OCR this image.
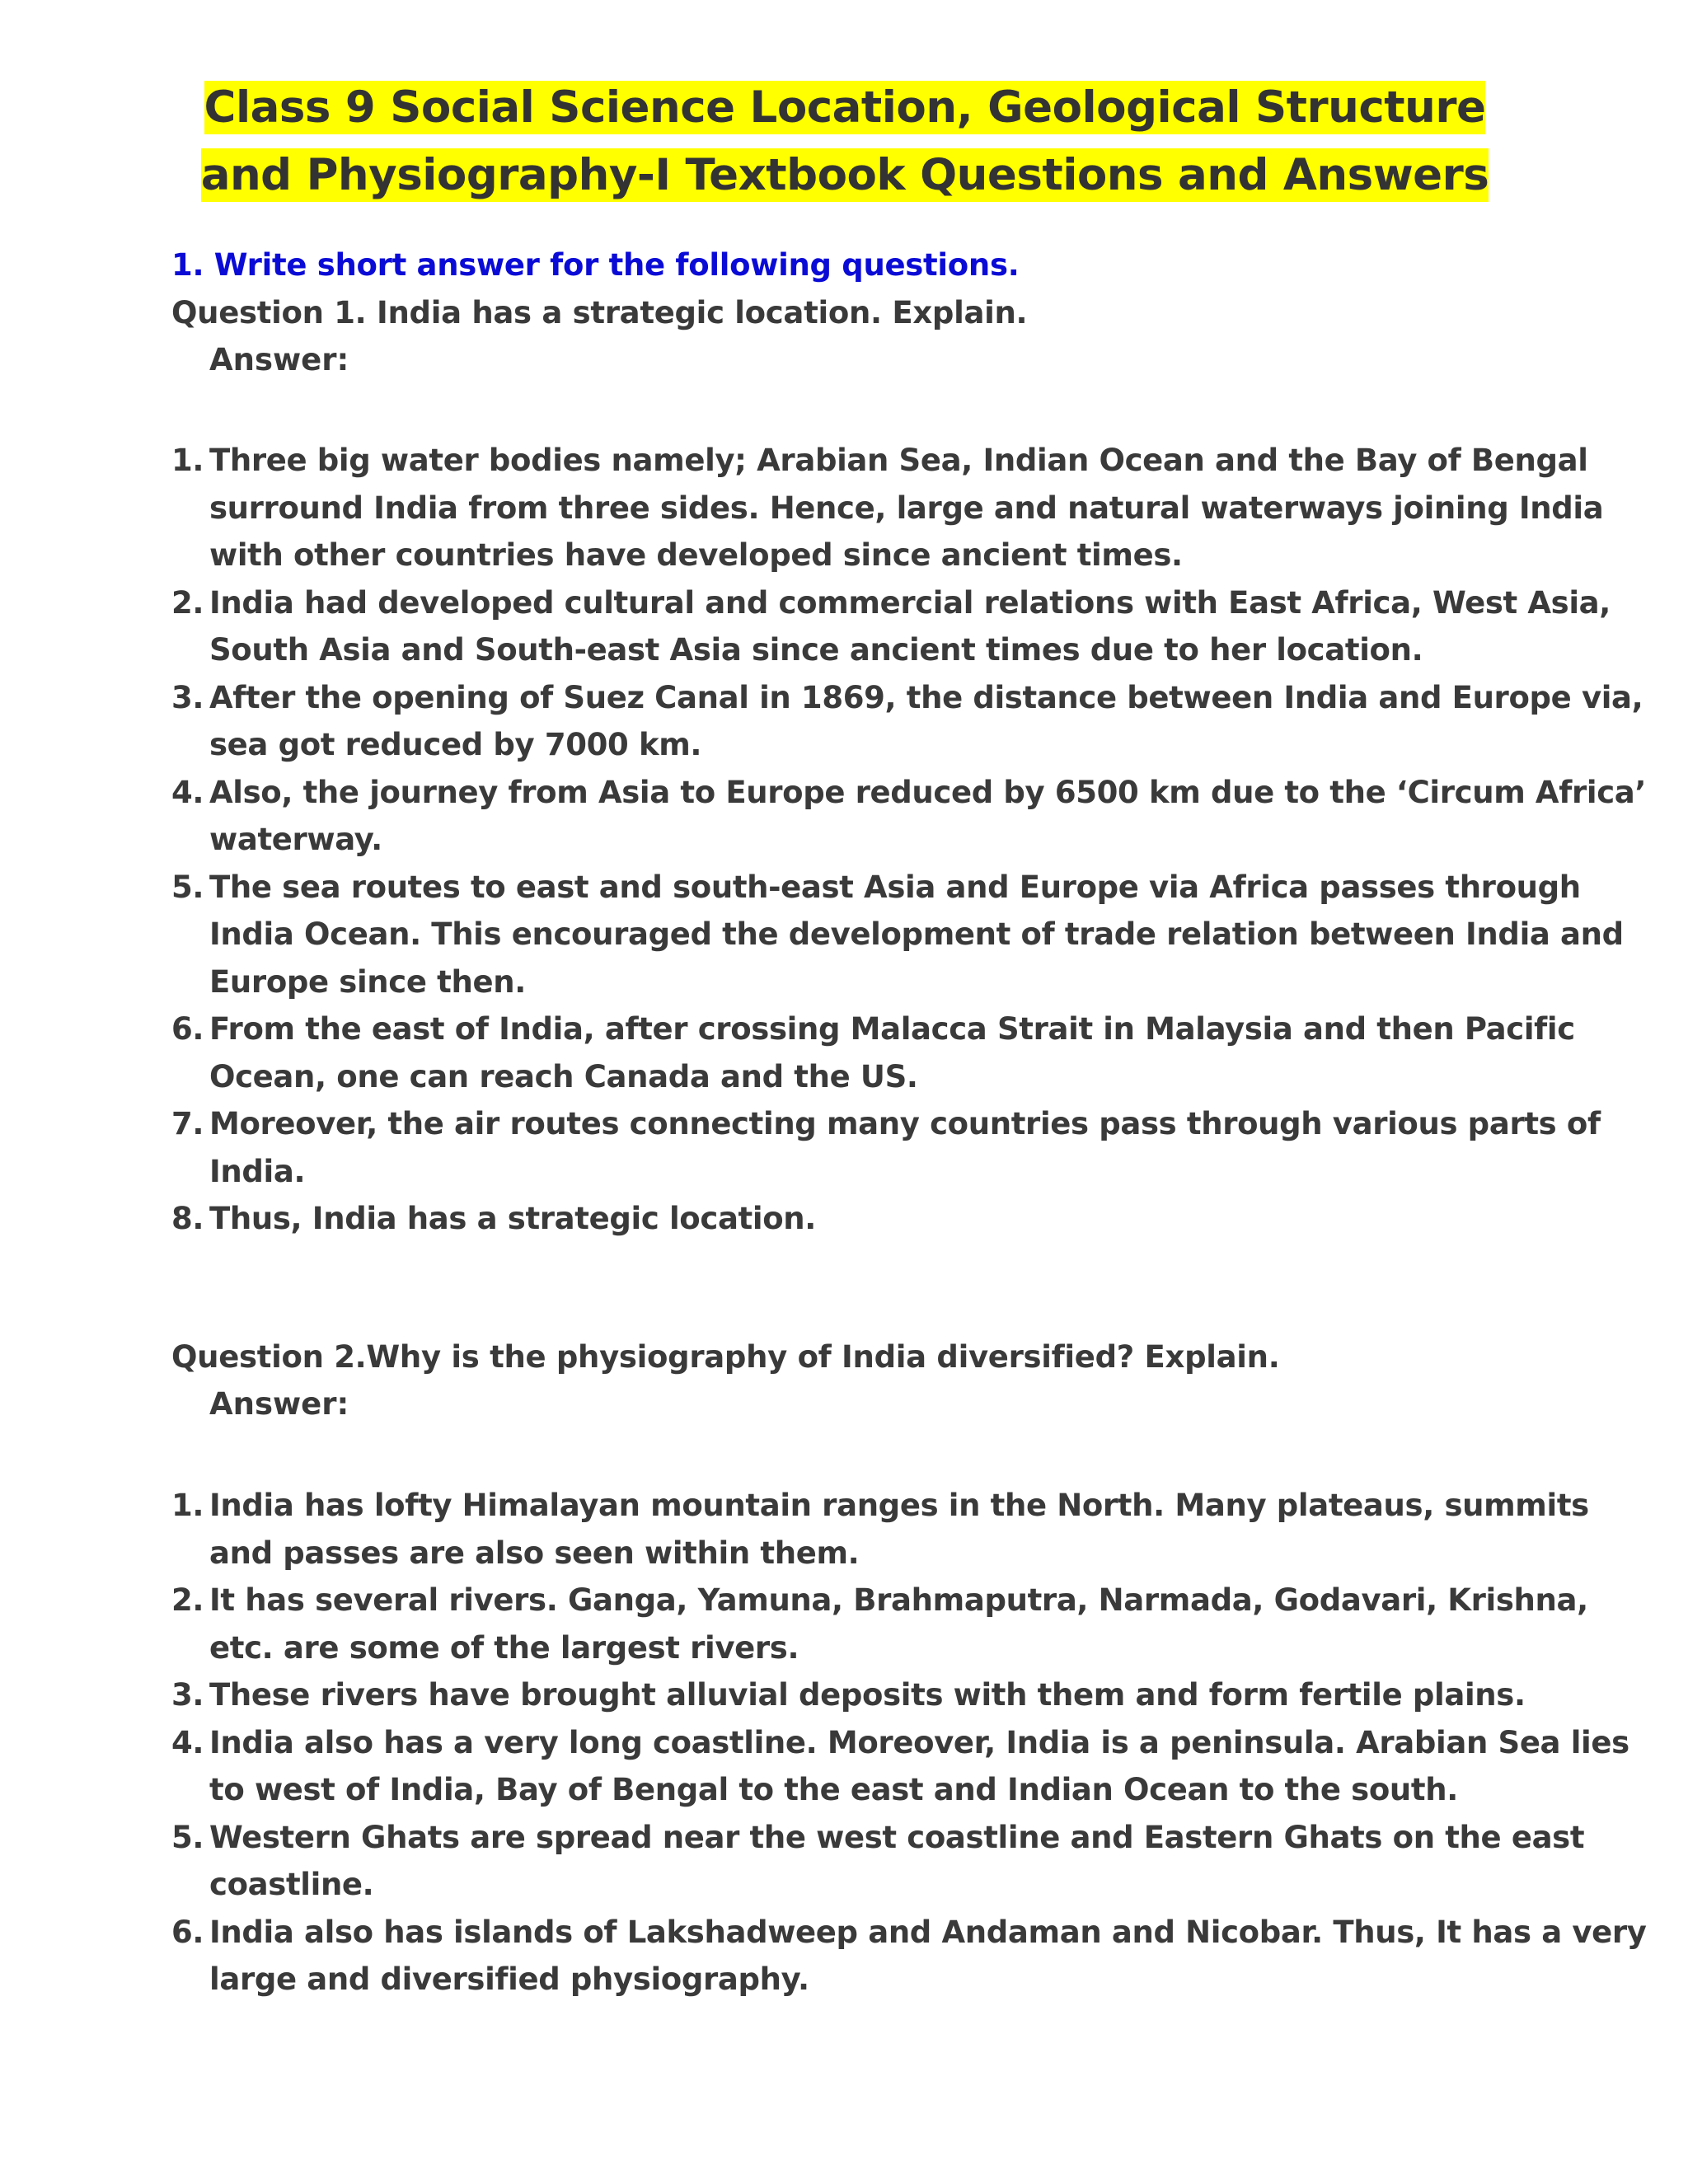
Class 9 Social Science Location, Geological Structure and Physiography-I Textbook Questions and Answers
1. Write short answer for the following questions.
Question 1. India has a strategic location. Explain.
Answer:
1. Three big water bodies namely; Arabian Sea, Indian Ocean and the Bay of Bengal surround India from three sides. Hence, large and natural waterways joining India with other countries have developed since ancient times.
2. India had developed cultural and commercial relations with East Africa, West Asia, South Asia and South-east Asia since ancient times due to her location.
3. After the opening of Suez Canal in 1869, the distance between India and Europe via, sea got reduced by 7000 km.
4. Also, the journey from Asia to Europe reduced by 6500 km due to the ‘Circum Africa’ waterway.
5. The sea routes to east and south-east Asia and Europe via Africa passes through India Ocean. This encouraged the development of trade relation between India and Europe since then.
6. From the east of India, after crossing Malacca Strait in Malaysia and then Pacific Ocean, one can reach Canada and the US.
7. Moreover, the air routes connecting many countries pass through various parts of India.
8. Thus, India has a strategic location.
Question 2.Why is the physiography of India diversified? Explain.
Answer:
1. India has lofty Himalayan mountain ranges in the North. Many plateaus, summits and passes are also seen within them.
2. It has several rivers. Ganga, Yamuna, Brahmaputra, Narmada, Godavari, Krishna, etc. are some of the largest rivers.
3. These rivers have brought alluvial deposits with them and form fertile plains.
4. India also has a very long coastline. Moreover, India is a peninsula. Arabian Sea lies to west of India, Bay of Bengal to the east and Indian Ocean to the south.
5. Western Ghats are spread near the west coastline and Eastern Ghats on the east coastline.
6. India also has islands of Lakshadweep and Andaman and Nicobar. Thus, It has a very large and diversified physiography.
